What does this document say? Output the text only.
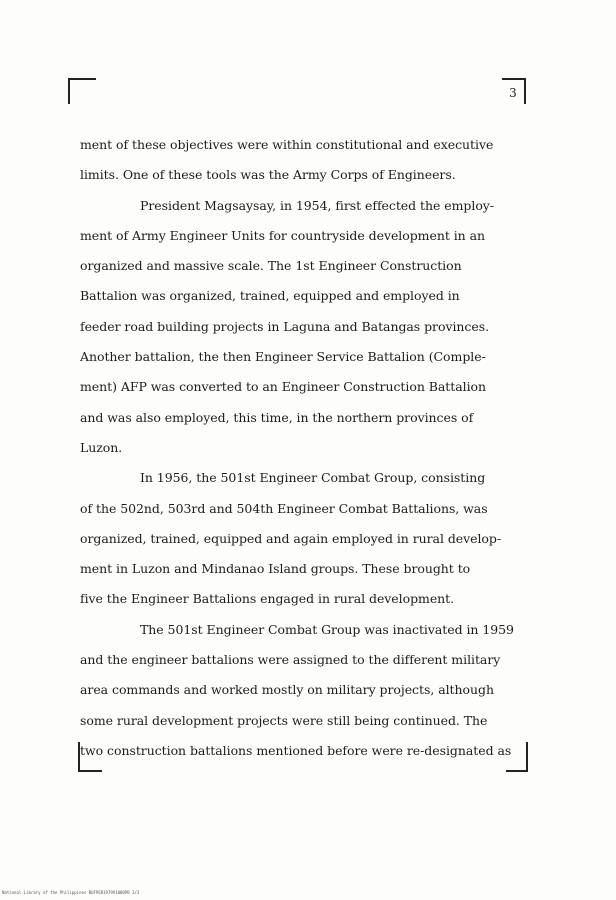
3
ment of these objectives were within constitutional and executive
limits. One of these tools was the Army Corps of Engineers.
President Magsaysay, in 1954, first effected the employ-
ment of Army Engineer Units for countryside development in an
organized and massive scale. The 1st Engineer Construction
Battalion was organized, trained, equipped and employed in
feeder road building projects in Laguna and Batangas provinces.
Another battalion, the then Engineer Service Battalion (Comple-
ment) AFP was converted to an Engineer Construction Battalion
and was also employed, this time, in the northern provinces of
Luzon.
In 1956, the 501st Engineer Combat Group, consisting
of the 502nd, 503rd and 504th Engineer Combat Battalions, was
organized, trained, equipped and again employed in rural develop-
ment in Luzon and Mindanao Island groups. These brought to
five the Engineer Battalions engaged in rural development.
The 501st Engineer Combat Group was inactivated in 1959
and the engineer battalions were assigned to the different military
area commands and worked mostly on military projects, although
some rural development projects were still being continued. The
two construction battalions mentioned before were re-designated as
National Library of the Philippines BUFPER1979V1000PB 3/3
